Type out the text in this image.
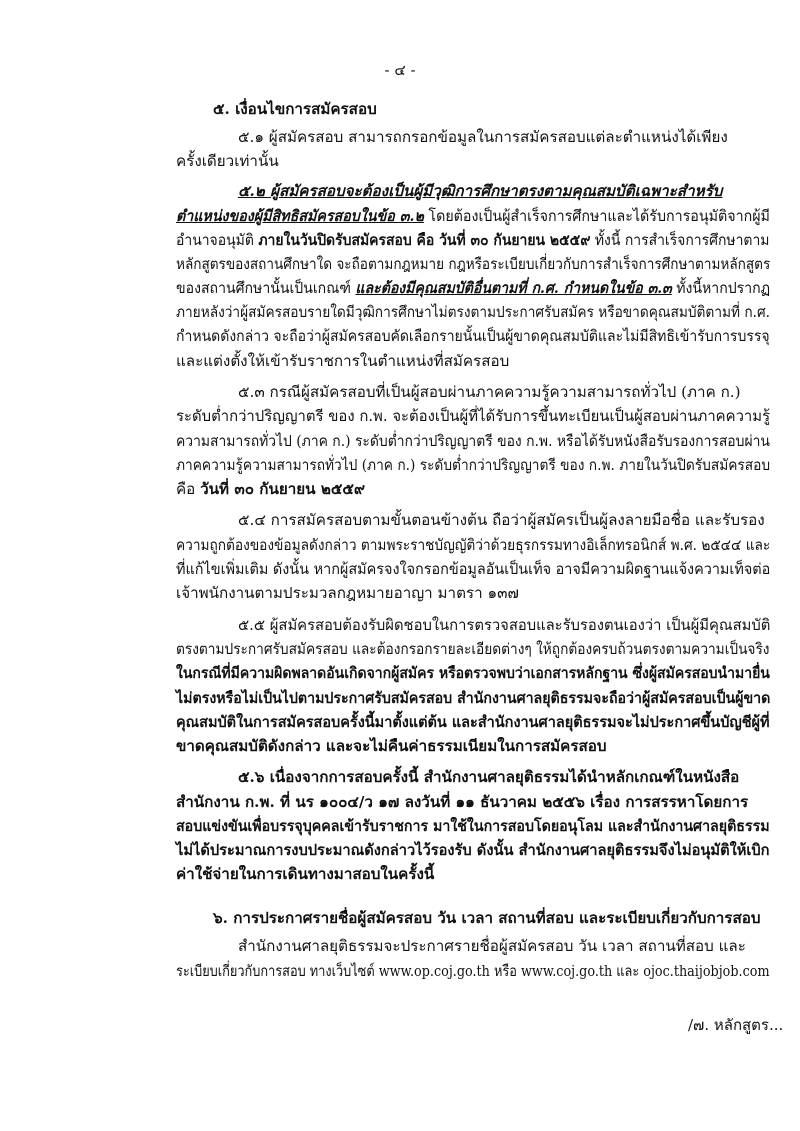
- ๔ -
๕. เงื่อนไขการสมัครสอบ
๕.๑ ผู้สมัครสอบ สามารถกรอกข้อมูลในการสมัครสอบแต่ละตำแหน่งได้เพียง
ครั้งเดียวเท่านั้น
๕.๒ ผู้สมัครสอบจะต้องเป็นผู้มีวุฒิการศึกษาตรงตามคุณสมบัติเฉพาะสำหรับ
ตำแหน่งของผู้มีสิทธิสมัครสอบในข้อ ๓.๒ โดยต้องเป็นผู้สำเร็จการศึกษาและได้รับการอนุมัติจากผู้มี
อำนาจอนุมัติ ภายในวันปิดรับสมัครสอบ คือ วันที่ ๓๐ กันยายน ๒๕๕๙ ทั้งนี้ การสำเร็จการศึกษาตาม
หลักสูตรของสถานศึกษาใด จะถือตามกฎหมาย กฎหรือระเบียบเกี่ยวกับการสำเร็จการศึกษาตามหลักสูตร
ของสถานศึกษานั้นเป็นเกณฑ์ และต้องมีคุณสมบัติอื่นตามที่ ก.ศ. กำหนดในข้อ ๓.๓ ทั้งนี้หากปรากฏ
ภายหลังว่าผู้สมัครสอบรายใดมีวุฒิการศึกษาไม่ตรงตามประกาศรับสมัคร หรือขาดคุณสมบัติตามที่ ก.ศ.
กำหนดดังกล่าว จะถือว่าผู้สมัครสอบคัดเลือกรายนั้นเป็นผู้ขาดคุณสมบัติและไม่มีสิทธิเข้ารับการบรรจุ
และแต่งตั้งให้เข้ารับราชการในตำแหน่งที่สมัครสอบ
๕.๓ กรณีผู้สมัครสอบที่เป็นผู้สอบผ่านภาคความรู้ความสามารถทั่วไป (ภาค ก.)
ระดับต่ำกว่าปริญญาตรี ของ ก.พ. จะต้องเป็นผู้ที่ได้รับการขึ้นทะเบียนเป็นผู้สอบผ่านภาคความรู้
ความสามารถทั่วไป (ภาค ก.) ระดับต่ำกว่าปริญญาตรี ของ ก.พ. หรือได้รับหนังสือรับรองการสอบผ่าน
ภาคความรู้ความสามารถทั่วไป (ภาค ก.) ระดับต่ำกว่าปริญญาตรี ของ ก.พ. ภายในวันปิดรับสมัครสอบ
คือ วันที่ ๓๐ กันยายน ๒๕๕๙
๕.๔ การสมัครสอบตามขั้นตอนข้างต้น ถือว่าผู้สมัครเป็นผู้ลงลายมือชื่อ และรับรอง
ความถูกต้องของข้อมูลดังกล่าว ตามพระราชบัญญัติว่าด้วยธุรกรรมทางอิเล็กทรอนิกส์ พ.ศ. ๒๕๔๔ และ
ที่แก้ไขเพิ่มเติม ดังนั้น หากผู้สมัครจงใจกรอกข้อมูลอันเป็นเท็จ อาจมีความผิดฐานแจ้งความเท็จต่อ
เจ้าพนักงานตามประมวลกฎหมายอาญา มาตรา ๑๓๗
๕.๕ ผู้สมัครสอบต้องรับผิดชอบในการตรวจสอบและรับรองตนเองว่า เป็นผู้มีคุณสมบัติ
ตรงตามประกาศรับสมัครสอบ และต้องกรอกรายละเอียดต่างๆ ให้ถูกต้องครบถ้วนตรงตามความเป็นจริง
ในกรณีที่มีความผิดพลาดอันเกิดจากผู้สมัคร หรือตรวจพบว่าเอกสารหลักฐาน ซึ่งผู้สมัครสอบนำมายื่น
ไม่ตรงหรือไม่เป็นไปตามประกาศรับสมัครสอบ สำนักงานศาลยุติธรรมจะถือว่าผู้สมัครสอบเป็นผู้ขาด
คุณสมบัติในการสมัครสอบครั้งนี้มาตั้งแต่ต้น และสำนักงานศาลยุติธรรมจะไม่ประกาศขึ้นบัญชีผู้ที่
ขาดคุณสมบัติดังกล่าว และจะไม่คืนค่าธรรมเนียมในการสมัครสอบ
๕.๖ เนื่องจากการสอบครั้งนี้ สำนักงานศาลยุติธรรมได้นำหลักเกณฑ์ในหนังสือ
สำนักงาน ก.พ. ที่ นร ๑๐๐๔/ว ๑๗ ลงวันที่ ๑๑ ธันวาคม ๒๕๕๖ เรื่อง การสรรหาโดยการ
สอบแข่งขันเพื่อบรรจุบุคคลเข้ารับราชการ มาใช้ในการสอบโดยอนุโลม และสำนักงานศาลยุติธรรม
ไม่ได้ประมาณการงบประมาณดังกล่าวไว้รองรับ ดังนั้น สำนักงานศาลยุติธรรมจึงไม่อนุมัติให้เบิก
ค่าใช้จ่ายในการเดินทางมาสอบในครั้งนี้
๖. การประกาศรายชื่อผู้สมัครสอบ วัน เวลา สถานที่สอบ และระเบียบเกี่ยวกับการสอบ
สำนักงานศาลยุติธรรมจะประกาศรายชื่อผู้สมัครสอบ วัน เวลา สถานที่สอบ และ
ระเบียบเกี่ยวกับการสอบ ทางเว็บไซต์ www.op.coj.go.th หรือ www.coj.go.th และ ojoc.thaijobjob.com
/๗. หลักสูตร...
